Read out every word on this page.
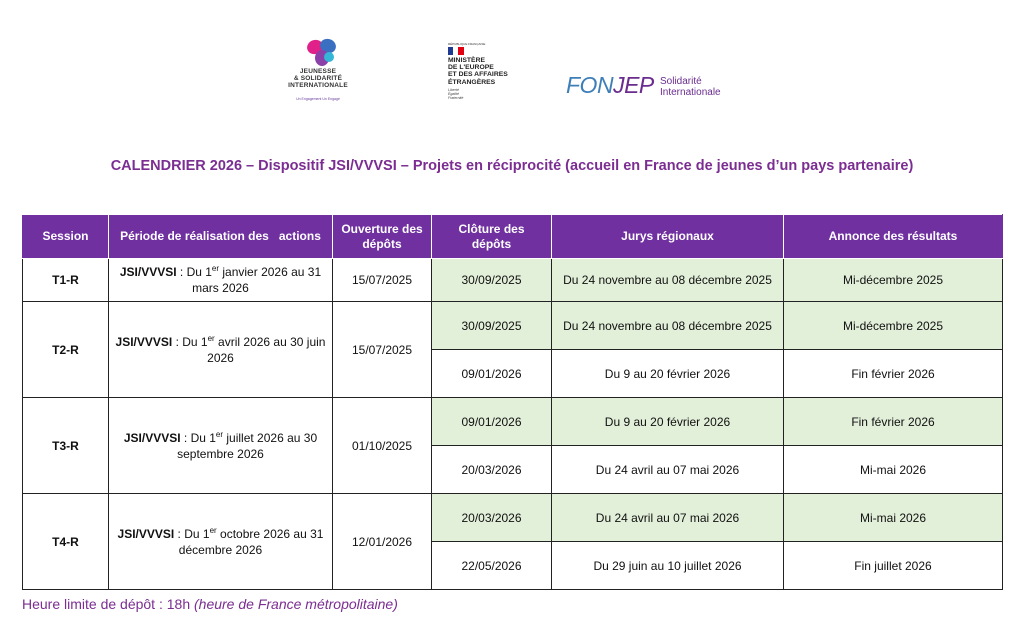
JEUNESSE
& SOLIDARITÉ
INTERNATIONALE
Un Engagement Un Engagé
RÉPUBLIQUE FRANÇAISE
MINISTÈRE
DE L'EUROPE
ET DES AFFAIRES
ÉTRANGÈRES
Liberté
Égalité
Fraternité	FONJEP Solidarité
Internationale
CALENDRIER 2026 – Dispositif JSI/VVVSI – Projets en réciprocité (accueil en France de jeunes d’un pays partenaire)
Session	Période de réalisation des   actions	Ouverture des dépôts	Clôture des dépôts	Jurys régionaux	Annonce des résultats
T1-R	JSI/VVVSI : Du 1er janvier 2026 au 31 mars 2026	15/07/2025	30/09/2025	Du 24 novembre au 08 décembre 2025	Mi-décembre 2025
T2-R	JSI/VVVSI : Du 1er avril 2026 au 30 juin 2026	15/07/2025	30/09/2025	Du 24 novembre au 08 décembre 2025	Mi-décembre 2025
			09/01/2026	Du 9 au 20 février 2026	Fin février 2026
T3-R	JSI/VVVSI : Du 1er juillet 2026 au 30 septembre 2026	01/10/2025	09/01/2026	Du 9 au 20 février 2026	Fin février 2026
			20/03/2026	Du 24 avril au 07 mai 2026	Mi-mai 2026
T4-R	JSI/VVVSI : Du 1er octobre 2026 au 31 décembre 2026	12/01/2026	20/03/2026	Du 24 avril au 07 mai 2026	Mi-mai 2026
			22/05/2026	Du 29 juin au 10 juillet 2026	Fin juillet 2026
Heure limite de dépôt : 18h (heure de France métropolitaine)
